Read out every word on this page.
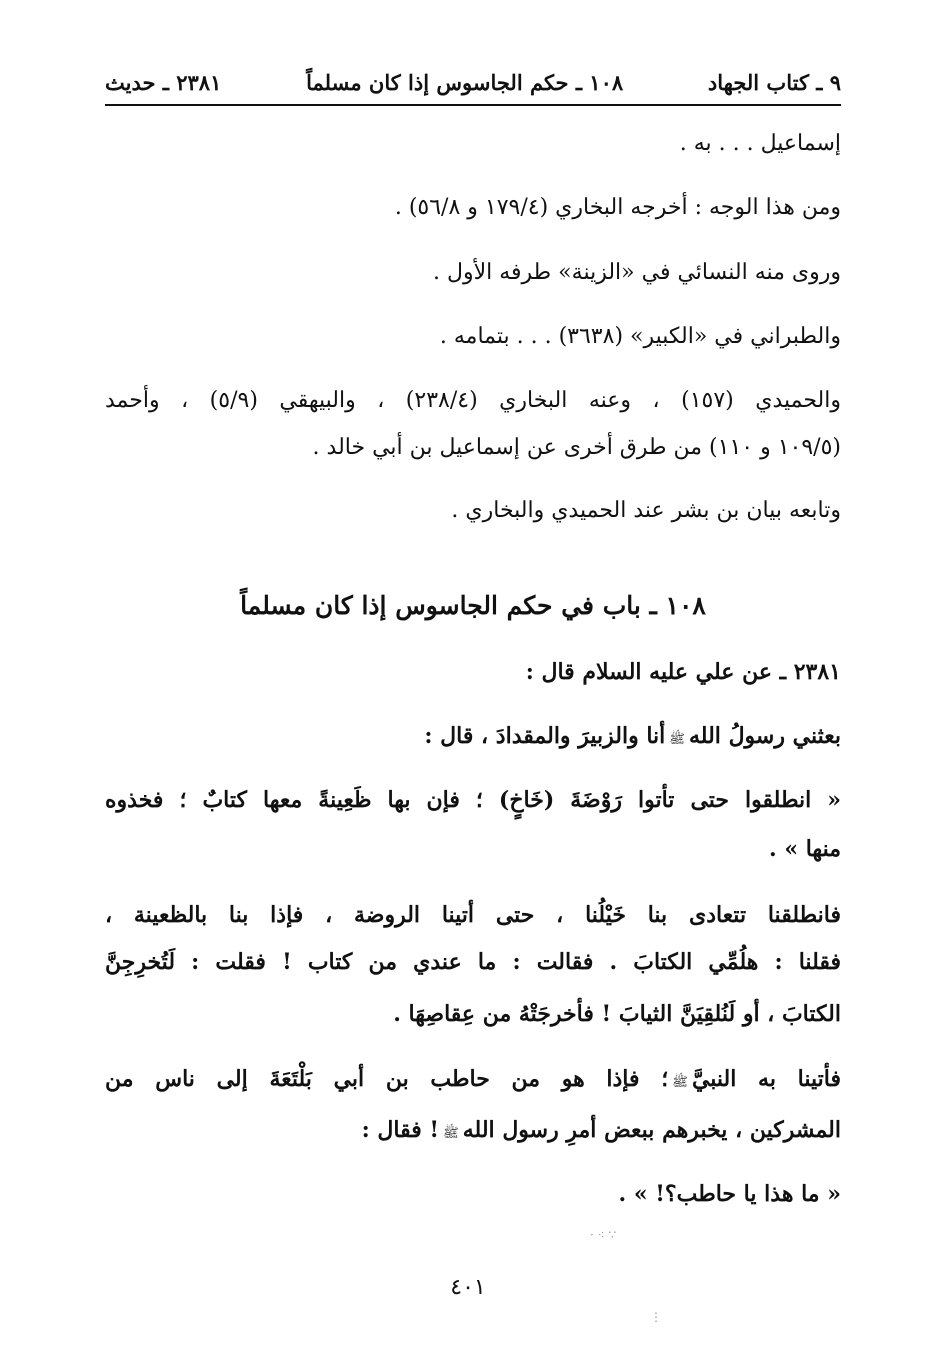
٩ ـ كتاب الجهاد
١٠٨ ـ حكم الجاسوس إذا كان مسلماً
٢٣٨١ ـ حديث
إسماعيل . . . به .
ومن هذا الوجه : أخرجه البخاري (١٧٩/٤ و ٥٦/٨) .
وروى منه النسائي في «الزينة» طرفه الأول .
والطبراني في «الكبير» (٣٦٣٨) . . . بتمامه .
والحميدي (١٥٧) ، وعنه البخاري (٢٣٨/٤) ، والبيهقي (٥/٩) ، وأحمد
(١٠٩/٥ و ١١٠) من طرق أخرى عن إسماعيل بن أبي خالد .
وتابعه بيان بن بشر عند الحميدي والبخاري .
١٠٨ ـ باب في حكم الجاسوس إذا كان مسلماً
٢٣٨١ ـ عن علي عليه السلام قال :
بعثني رسولُ اللهﷺأنا والزبيرَ والمقدادَ ، قال :
« انطلقوا حتى تأتوا رَوْضَةَ (خَاخٍ) ؛ فإن بها ظَعِينةً معها كتابٌ ؛ فخذوه
منها » .
فانطلقنا تتعادى بنا خَيْلُنا ، حتى أتينا الروضة ، فإذا بنا بالظعينة ،
فقلنا : هلُمِّي الكتابَ . فقالت : ما عندي من كتاب ! فقلت : لَتُخرِجِنَّ
الكتابَ ، أو لَنُلقِيَنَّ الثيابَ ! فأخرجَتْهُ من عِقاصِهَا .
فأتينا به النبيَّﷺ؛ فإذا هو من حاطب بن أبي بَلْتَعَةَ إلى ناس من
المشركين ، يخبرهم ببعض أمرِ رسول اللهﷺ! فقال :
« ما هذا يا حاطب؟! » .
∵ ⁖ ·
⋮
٤٠١
